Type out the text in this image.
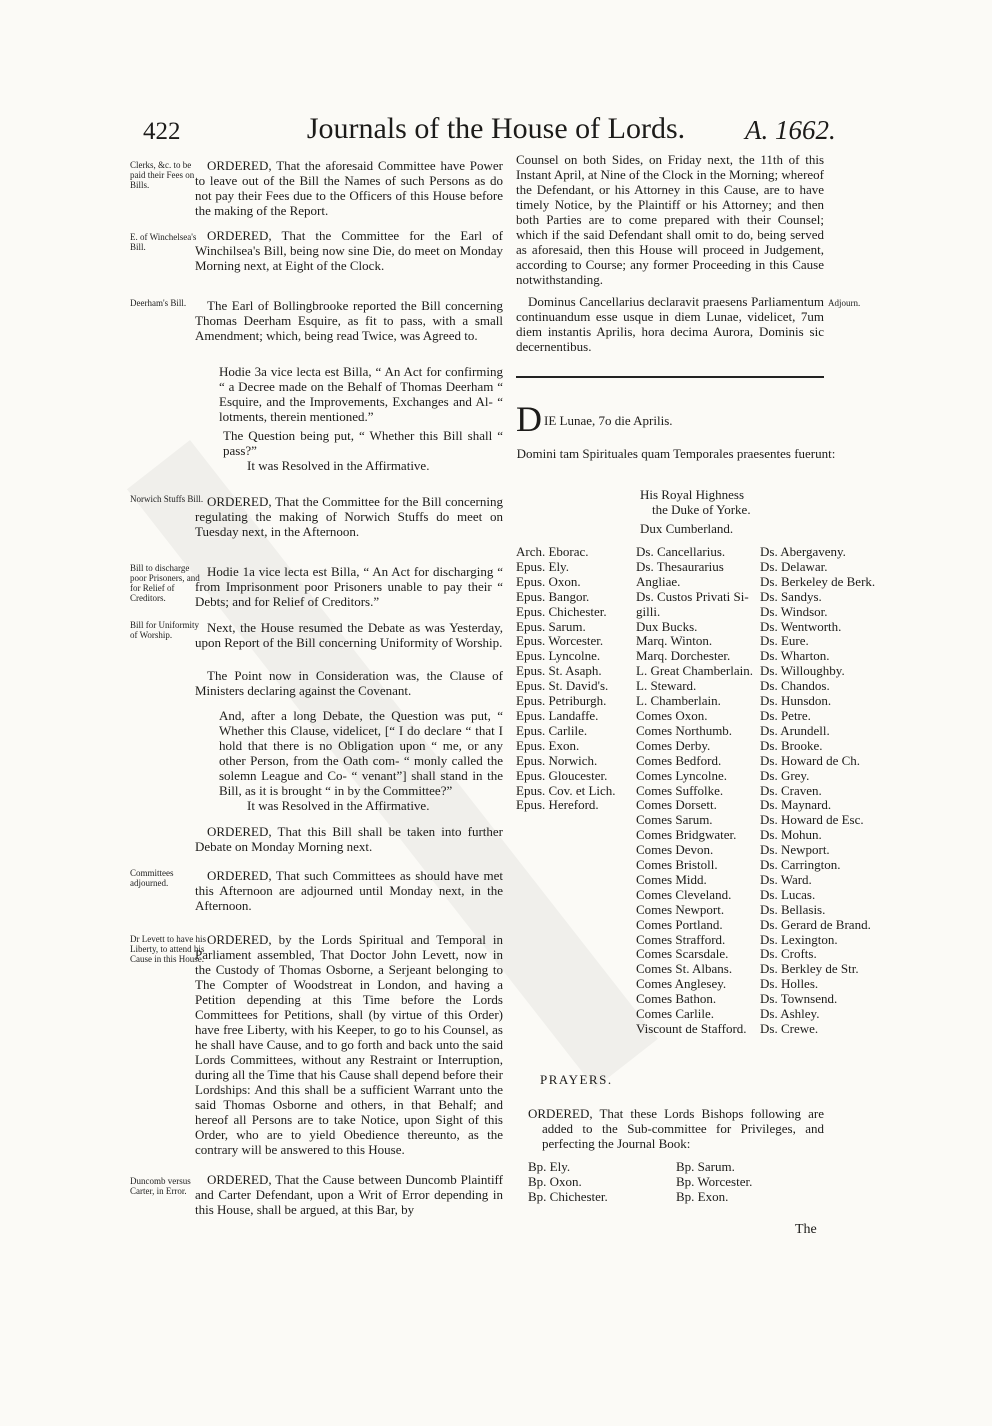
422	Journals of the House of Lords.	A. 1662.
Clerks, &c. to be paid their Fees on Bills.
E. of Winchelsea's Bill.
Deerham's Bill.
Norwich Stuffs Bill.
Bill to discharge poor Prisoners, and for Relief of Creditors.
Bill for Uniformity of Worship.
Committees adjourned.
Dr Levett to have his Liberty, to attend his Cause in this House.
Duncomb versus Carter, in Error.
Adjourn.

ORDERED, That the aforesaid Committee have Power to leave out of the Bill the Names of such Persons as do not pay their Fees due to the Officers of this House before the making of the Report.

ORDERED, That the Committee for the Earl of Winchilsea's Bill, being now sine Die, do meet on Monday Morning next, at Eight of the Clock.

The Earl of Bollingbrooke reported the Bill concerning Thomas Deerham Esquire, as fit to pass, with a small Amendment; which, being read Twice, was Agreed to.

Hodie 3a vice lecta est Billa, “ An Act for confirming “ a Decree made on the Behalf of Thomas Deerham “ Esquire, and the Improvements, Exchanges and Al- “ lotments, therein mentioned.”

The Question being put, “ Whether this Bill shall “ pass?”

It was Resolved in the Affirmative.

ORDERED, That the Committee for the Bill concerning regulating the making of Norwich Stuffs do meet on Tuesday next, in the Afternoon.

Hodie 1a vice lecta est Billa, “ An Act for discharging “ from Imprisonment poor Prisoners unable to pay their “ Debts; and for Relief of Creditors.”

Next, the House resumed the Debate as was Yesterday, upon Report of the Bill concerning Uniformity of Worship.

The Point now in Consideration was, the Clause of Ministers declaring against the Covenant.

And, after a long Debate, the Question was put, “ Whether this Clause, videlicet, [“ I do declare “ that I hold that there is no Obligation upon “ me, or any other Person, from the Oath com- “ monly called the solemn League and Co- “ venant”] shall stand in the Bill, as it is brought “ in by the Committee?”

It was Resolved in the Affirmative.

ORDERED, That this Bill shall be taken into further Debate on Monday Morning next.

ORDERED, That such Committees as should have met this Afternoon are adjourned until Monday next, in the Afternoon.

ORDERED, by the Lords Spiritual and Temporal in Parliament assembled, That Doctor John Levett, now in the Custody of Thomas Osborne, a Serjeant belonging to The Compter of Woodstreat in London, and having a Petition depending at this Time before the Lords Committees for Petitions, shall (by virtue of this Order) have free Liberty, with his Keeper, to go to his Counsel, as he shall have Cause, and to go forth and back unto the said Lords Committees, without any Restraint or Interruption, during all the Time that his Cause shall depend before their Lordships: And this shall be a sufficient Warrant unto the said Thomas Osborne and others, in that Behalf; and hereof all Persons are to take Notice, upon Sight of this Order, who are to yield Obedience thereunto, as the contrary will be answered to this House.

ORDERED, That the Cause between Duncomb Plaintiff and Carter Defendant, upon a Writ of Error depending in this House, shall be argued, at this Bar, by

Counsel on both Sides, on Friday next, the 11th of this Instant April, at Nine of the Clock in the Morning; whereof the Defendant, or his Attorney in this Cause, are to have timely Notice, by the Plaintiff or his Attorney; and then both Parties are to come prepared with their Counsel; which if the said Defendant shall omit to do, being served as aforesaid, then this House will proceed in Judgement, according to Course; any former Proceeding in this Cause notwithstanding.

Dominus Cancellarius declaravit praesens Parliamentum continuandum esse usque in diem Lunae, videlicet, 7um diem instantis Aprilis, hora decima Aurora, Dominis sic decernentibus.

DIE Lunae, 7o die Aprilis.

Domini tam Spirituales quam Temporales praesentes fuerunt:

His Royal Highness
the Duke of Yorke.
Dux Cumberland.
Arch. Eborac.
Epus. Ely.
Epus. Oxon.
Epus. Bangor.
Epus. Chichester.
Epus. Sarum.
Epus. Worcester.
Epus. Lyncolne.
Epus. St. Asaph.
Epus. St. David's.
Epus. Petriburgh.
Epus. Landaffe.
Epus. Carlile.
Epus. Exon.
Epus. Norwich.
Epus. Gloucester.
Epus. Cov. et Lich.
Epus. Hereford.
Ds. Cancellarius.
Ds. Thesaurarius
Angliae.
Ds. Custos Privati Si-
gilli.
Dux Bucks.
Marq. Winton.
Marq. Dorchester.
L. Great Chamberlain.
L. Steward.
L. Chamberlain.
Comes Oxon.
Comes Northumb.
Comes Derby.
Comes Bedford.
Comes Lyncolne.
Comes Suffolke.
Comes Dorsett.
Comes Sarum.
Comes Bridgwater.
Comes Devon.
Comes Bristoll.
Comes Midd.
Comes Cleveland.
Comes Newport.
Comes Portland.
Comes Strafford.
Comes Scarsdale.
Comes St. Albans.
Comes Anglesey.
Comes Bathon.
Comes Carlile.
Viscount de Stafford.
Ds. Abergaveny.
Ds. Delawar.
Ds. Berkeley de Berk.
Ds. Sandys.
Ds. Windsor.
Ds. Wentworth.
Ds. Eure.
Ds. Wharton.
Ds. Willoughby.
Ds. Chandos.
Ds. Hunsdon.
Ds. Petre.
Ds. Arundell.
Ds. Brooke.
Ds. Howard de Ch.
Ds. Grey.
Ds. Craven.
Ds. Maynard.
Ds. Howard de Esc.
Ds. Mohun.
Ds. Newport.
Ds. Carrington.
Ds. Ward.
Ds. Lucas.
Ds. Bellasis.
Ds. Gerard de Brand.
Ds. Lexington.
Ds. Crofts.
Ds. Berkley de Str.
Ds. Holles.
Ds. Townsend.
Ds. Ashley.
Ds. Crewe.
PRAYERS.

ORDERED, That these Lords Bishops following are added to the Sub-committee for Privileges, and perfecting the Journal Book:

Bp. Ely.
Bp. Oxon.
Bp. Chichester.
Bp. Sarum.
Bp. Worcester.
Bp. Exon.
The
